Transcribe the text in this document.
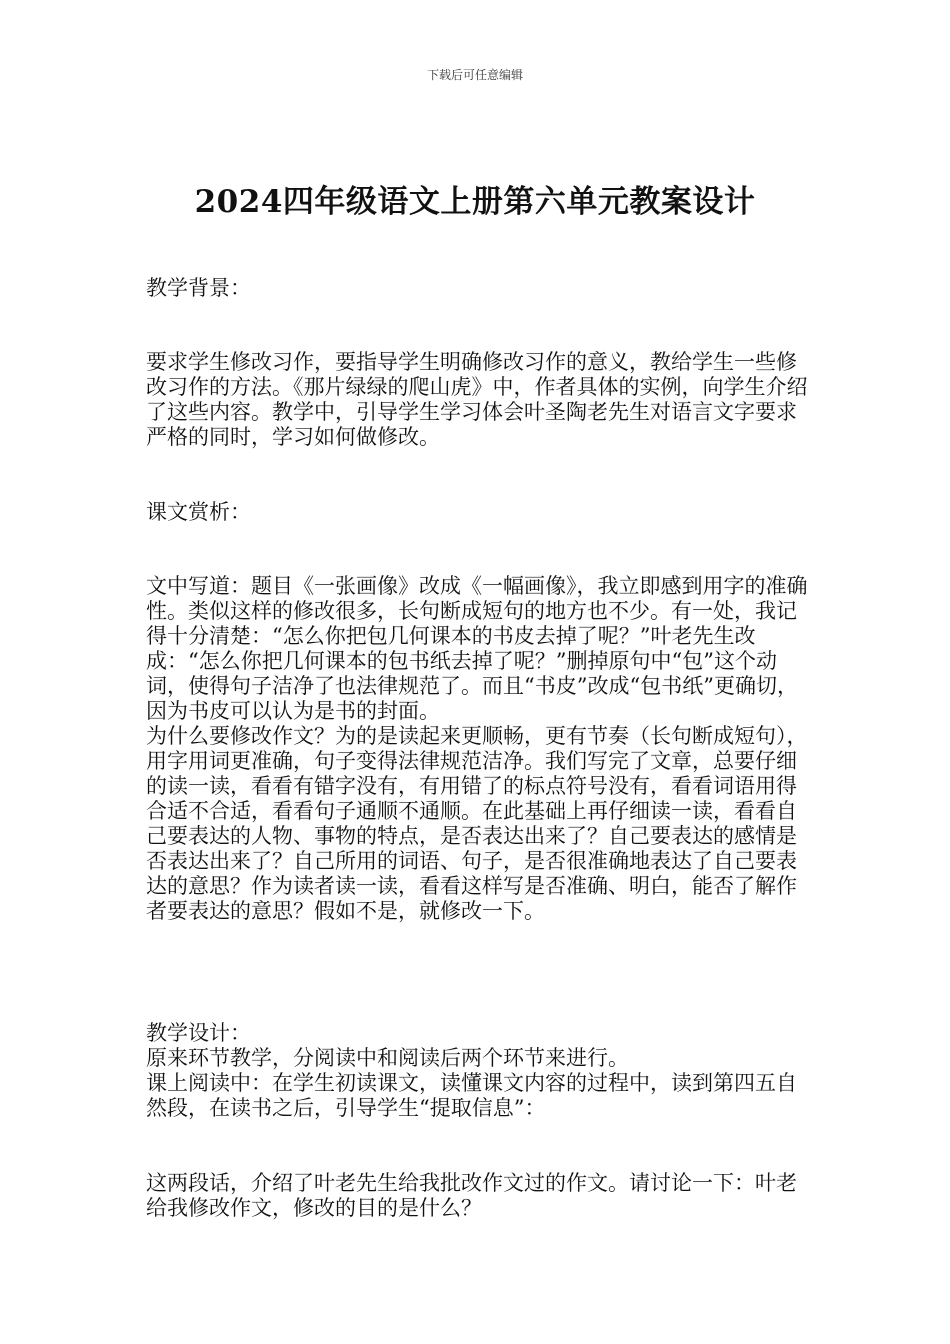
下载后可任意编辑
2024四年级语文上册第六单元教案设计

教学背景：

要求学生修改习作，要指导学生明确修改习作的意义，教给学生一些修改习作的方法。《那片绿绿的爬山虎》中，作者具体的实例，向学生介绍了这些内容。教学中，引导学生学习体会叶圣陶老先生对语言文字要求严格的同时，学习如何做修改。

课文赏析：

文中写道：题目《一张画像》改成《一幅画像》，我立即感到用字的准确性。类似这样的修改很多，长句断成短句的地方也不少。有一处，我记得十分清楚：“怎么你把包几何课本的书皮去掉了呢？”叶老先生改成：“怎么你把几何课本的包书纸去掉了呢？”删掉原句中“包”这个动词，使得句子洁净了也法律规范了。而且“书皮”改成“包书纸”更确切，因为书皮可以认为是书的封面。

为什么要修改作文？为的是读起来更顺畅，更有节奏（长句断成短句），用字用词更准确，句子变得法律规范洁净。我们写完了文章，总要仔细的读一读，看看有错字没有，有用错了的标点符号没有，看看词语用得合适不合适，看看句子通顺不通顺。在此基础上再仔细读一读，看看自己要表达的人物、事物的特点，是否表达出来了？自己要表达的感情是否表达出来了？自己所用的词语、句子，是否很准确地表达了自己要表达的意思？作为读者读一读，看看这样写是否准确、明白，能否了解作者要表达的意思？假如不是，就修改一下。

教学设计：

原来环节教学，分阅读中和阅读后两个环节来进行。

课上阅读中：在学生初读课文，读懂课文内容的过程中，读到第四五自然段，在读书之后，引导学生“提取信息”：

这两段话，介绍了叶老先生给我批改作文过的作文。请讨论一下：叶老给我修改作文，修改的目的是什么？
